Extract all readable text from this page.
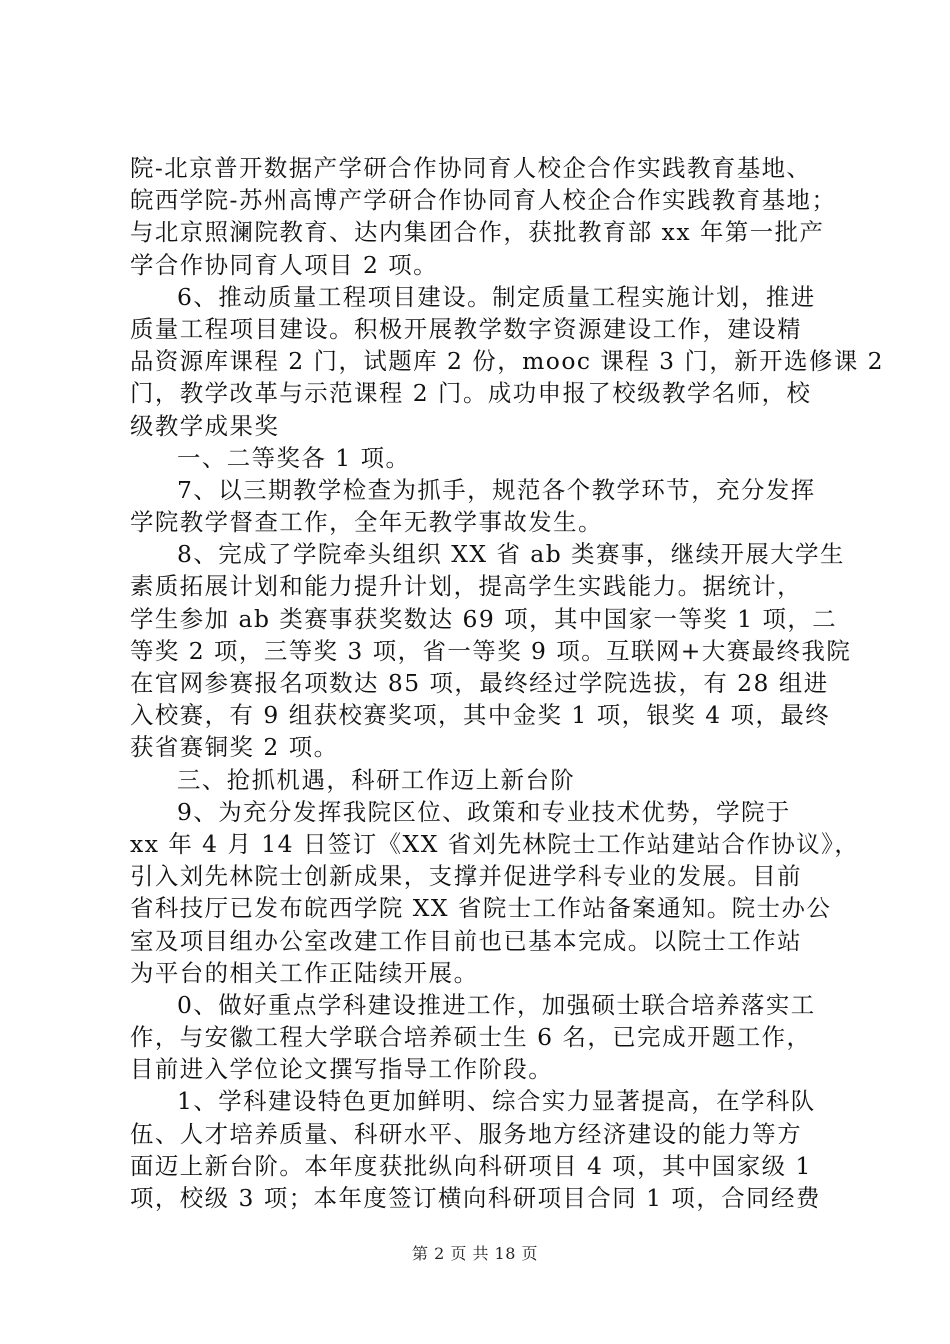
院-北京普开数据产学研合作协同育人校企合作实践教育基地、
皖西学院-苏州高博产学研合作协同育人校企合作实践教育基地；
与北京照澜院教育、达内集团合作，获批教育部 xx 年第一批产
学合作协同育人项目 2 项。
6、推动质量工程项目建设。制定质量工程实施计划，推进
质量工程项目建设。积极开展教学数字资源建设工作，建设精
品资源库课程 2 门，试题库 2 份，mooc 课程 3 门，新开选修课 2
门，教学改革与示范课程 2 门。成功申报了校级教学名师，校
级教学成果奖
一、二等奖各 1 项。
7、以三期教学检查为抓手，规范各个教学环节，充分发挥
学院教学督查工作，全年无教学事故发生。
8、完成了学院牵头组织 XX 省 ab 类赛事，继续开展大学生
素质拓展计划和能力提升计划，提高学生实践能力。据统计，
学生参加 ab 类赛事获奖数达 69 项，其中国家一等奖 1 项，二
等奖 2 项，三等奖 3 项，省一等奖 9 项。互联网+大赛最终我院
在官网参赛报名项数达 85 项，最终经过学院选拔，有 28 组进
入校赛，有 9 组获校赛奖项，其中金奖 1 项，银奖 4 项，最终
获省赛铜奖 2 项。
三、抢抓机遇，科研工作迈上新台阶
9、为充分发挥我院区位、政策和专业技术优势，学院于
xx 年 4 月 14 日签订《XX 省刘先林院士工作站建站合作协议》，
引入刘先林院士创新成果，支撑并促进学科专业的发展。目前
省科技厅已发布皖西学院 XX 省院士工作站备案通知。院士办公
室及项目组办公室改建工作目前也已基本完成。以院士工作站
为平台的相关工作正陆续开展。
0、做好重点学科建设推进工作，加强硕士联合培养落实工
作，与安徽工程大学联合培养硕士生 6 名，已完成开题工作，
目前进入学位论文撰写指导工作阶段。
1、学科建设特色更加鲜明、综合实力显著提高，在学科队
伍、人才培养质量、科研水平、服务地方经济建设的能力等方
面迈上新台阶。本年度获批纵向科研项目 4 项，其中国家级 1
项，校级 3 项；本年度签订横向科研项目合同 1 项，合同经费
第 2 页 共 18 页
